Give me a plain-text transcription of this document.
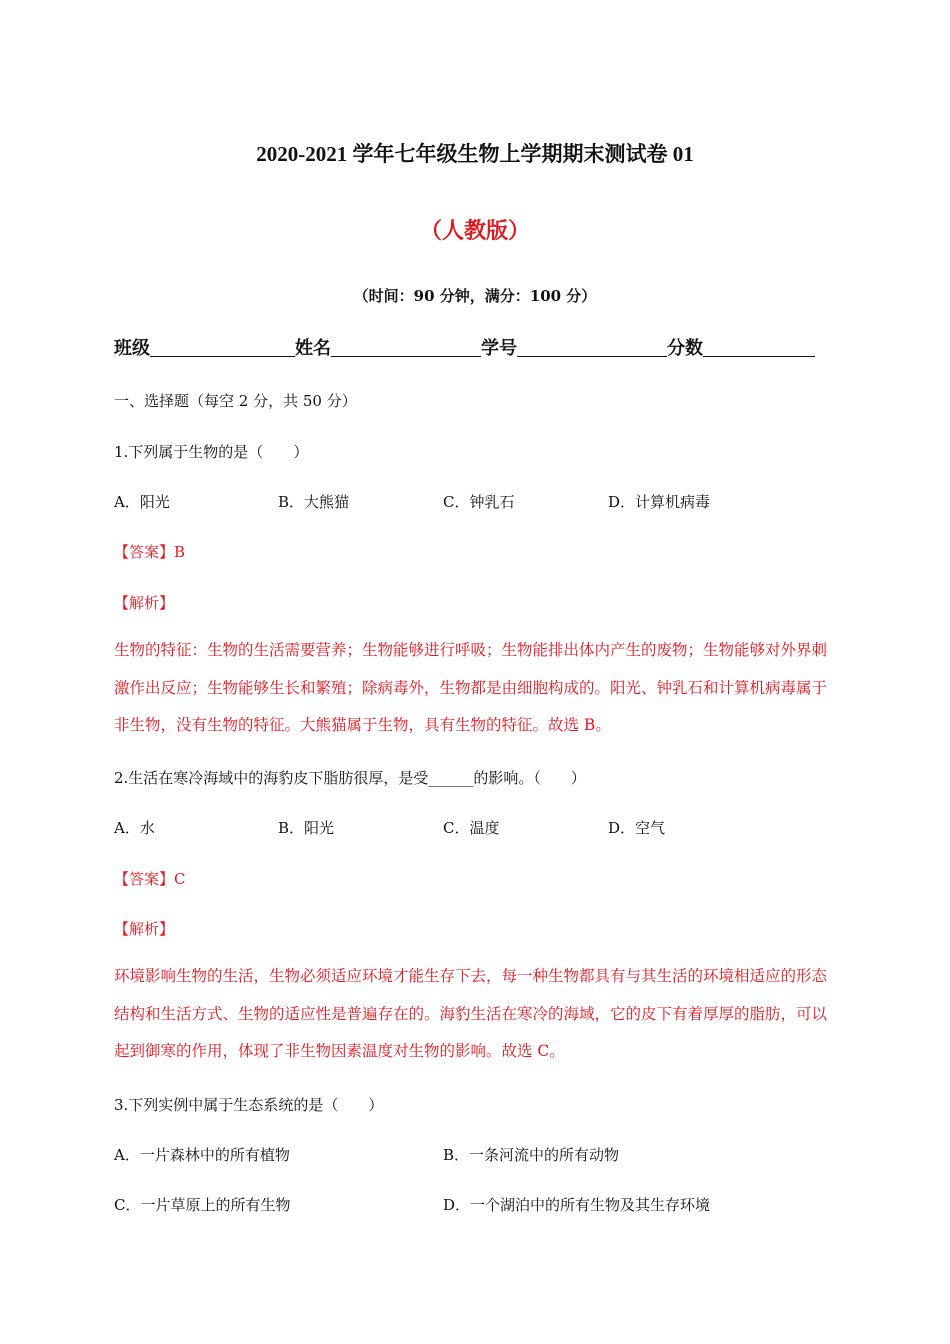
2020-2021 学年七年级生物上学期期末测试卷 01
（人教版）
（时间：90 分钟，满分：100 分）
班级	姓名	学号	分数
一、选择题（每空 2 分，共 50 分）
1.下列属于生物的是（　　）
A．阳光	B．大熊猫	C．钟乳石	D．计算机病毒
【答案】B
【解析】
生物的特征：生物的生活需要营养；生物能够进行呼吸；生物能排出体内产生的废物；生物能够对外界刺激作出反应；生物能够生长和繁殖；除病毒外，生物都是由细胞构成的。阳光、钟乳石和计算机病毒属于非生物，没有生物的特征。大熊猫属于生物，具有生物的特征。故选 B。
2.生活在寒冷海域中的海豹皮下脂肪很厚，是受______的影响。（　　）
A．水	B．阳光	C．温度	D．空气
【答案】C
【解析】
环境影响生物的生活，生物必须适应环境才能生存下去，每一种生物都具有与其生活的环境相适应的形态结构和生活方式、生物的适应性是普遍存在的。海豹生活在寒冷的海域，它的皮下有着厚厚的脂肪，可以起到御寒的作用，体现了非生物因素温度对生物的影响。故选 C。
3.下列实例中属于生态系统的是（　　）
A．一片森林中的所有植物	B．一条河流中的所有动物
C．一片草原上的所有生物	D．一个湖泊中的所有生物及其生存环境
